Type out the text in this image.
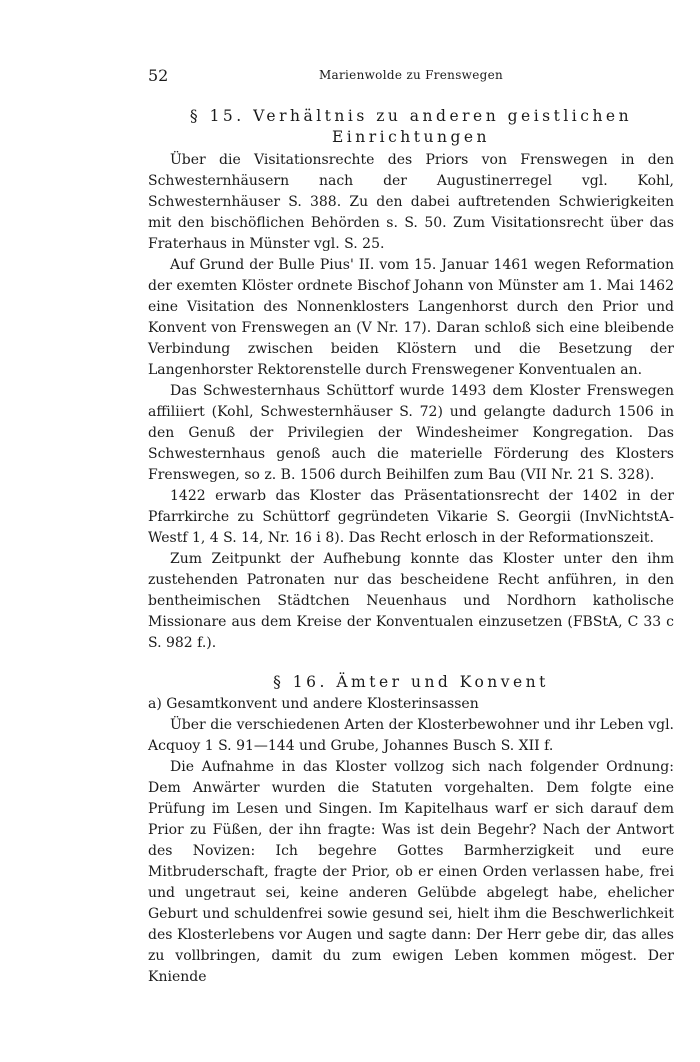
52	Marienwolde zu Frenswegen
§ 15. Verhältnis zu anderen geistlichen
Einrichtungen

Über die Visitationsrechte des Priors von Frenswegen in den Schwesternhäusern nach der Augustinerregel vgl. Kohl, Schwesternhäuser S. 388. Zu den dabei auftretenden Schwierigkeiten mit den bischöflichen Behörden s. S. 50. Zum Visitationsrecht über das Fraterhaus in Münster vgl. S. 25.

Auf Grund der Bulle Pius' II. vom 15. Januar 1461 wegen Reformation der exemten Klöster ordnete Bischof Johann von Münster am 1. Mai 1462 eine Visitation des Nonnenklosters Langenhorst durch den Prior und Konvent von Frenswegen an (V Nr. 17). Daran schloß sich eine bleibende Verbindung zwischen beiden Klöstern und die Besetzung der Langenhorster Rektorenstelle durch Frenswegener Konventualen an.

Das Schwesternhaus Schüttorf wurde 1493 dem Kloster Frenswegen affiliiert (Kohl, Schwesternhäuser S. 72) und gelangte dadurch 1506 in den Genuß der Privilegien der Windesheimer Kongregation. Das Schwesternhaus genoß auch die materielle Förderung des Klosters Frenswegen, so z. B. 1506 durch Beihilfen zum Bau (VII Nr. 21 S. 328).

1422 erwarb das Kloster das Präsentationsrecht der 1402 in der Pfarrkirche zu Schüttorf gegründeten Vikarie S. Georgii (InvNichtstA-Westf 1, 4 S. 14, Nr. 16 i 8). Das Recht erlosch in der Reformationszeit.

Zum Zeitpunkt der Aufhebung konnte das Kloster unter den ihm zustehenden Patronaten nur das bescheidene Recht anführen, in den bentheimischen Städtchen Neuenhaus und Nordhorn katholische Missionare aus dem Kreise der Konventualen einzusetzen (FBStA, C 33 c S. 982 f.).

§ 16. Ämter und Konvent

a) Gesamtkonvent und andere Klosterinsassen

Über die verschiedenen Arten der Klosterbewohner und ihr Leben vgl. Acquoy 1 S. 91—144 und Grube, Johannes Busch S. XII f.

Die Aufnahme in das Kloster vollzog sich nach folgender Ordnung: Dem Anwärter wurden die Statuten vorgehalten. Dem folgte eine Prüfung im Lesen und Singen. Im Kapitelhaus warf er sich darauf dem Prior zu Füßen, der ihn fragte: Was ist dein Begehr? Nach der Antwort des Novizen: Ich begehre Gottes Barmherzigkeit und eure Mitbruderschaft, fragte der Prior, ob er einen Orden verlassen habe, frei und ungetraut sei, keine anderen Gelübde abgelegt habe, ehelicher Geburt und schuldenfrei sowie gesund sei, hielt ihm die Beschwerlichkeit des Klosterlebens vor Augen und sagte dann: Der Herr gebe dir, das alles zu vollbringen, damit du zum ewigen Leben kommen mögest. Der Kniende
